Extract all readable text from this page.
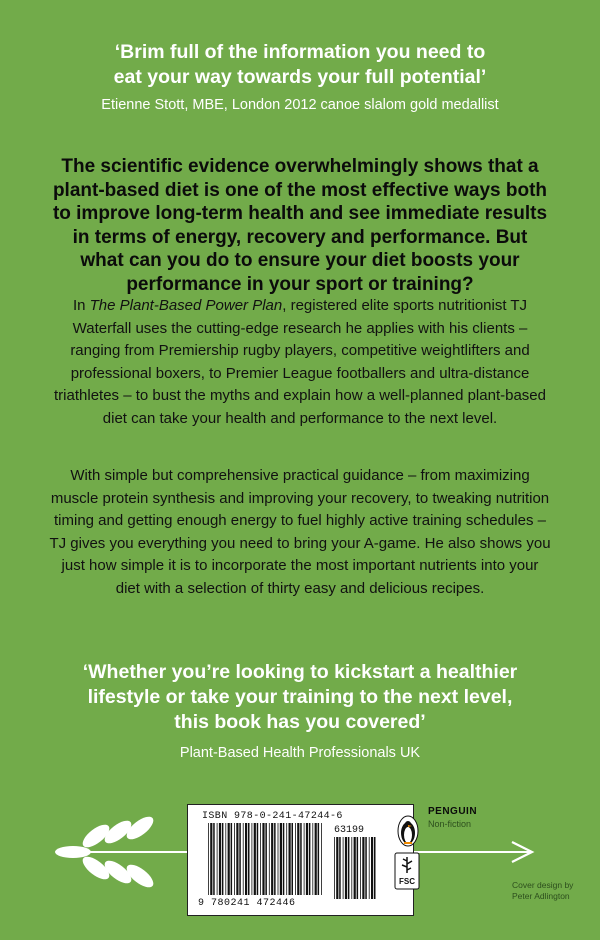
‘Brim full of the information you need to
eat your way towards your full potential’

Etienne Stott, MBE, London 2012 canoe slalom gold medallist

The scientific evidence overwhelmingly shows that a plant-based diet is one of the most effective ways both to improve long-term health and see immediate results in terms of energy, recovery and performance. But what can you do to ensure your diet boosts your performance in your sport or training?

In The Plant-Based Power Plan, registered elite sports nutritionist TJ Waterfall uses the cutting-edge research he applies with his clients – ranging from Premiership rugby players, competitive weightlifters and professional boxers, to Premier League footballers and ultra-distance triathletes – to bust the myths and explain how a well-planned plant-based diet can take your health and performance to the next level.

With simple but comprehensive practical guidance – from maximizing muscle protein synthesis and improving your recovery, to tweaking nutrition timing and getting enough energy to fuel highly active training schedules – TJ gives you everything you need to bring your A-game. He also shows you just how simple it is to incorporate the most important nutrients into your diet with a selection of thirty easy and delicious recipes.

‘Whether you’re looking to kickstart a healthier
lifestyle or take your training to the next level,
this book has you covered’

Plant-Based Health Professionals UK
ISBN 978-0-241-47244-6
63199
9 780241 472446
FSC
PENGUIN
Non-fiction
Cover design by
Peter Adlington
